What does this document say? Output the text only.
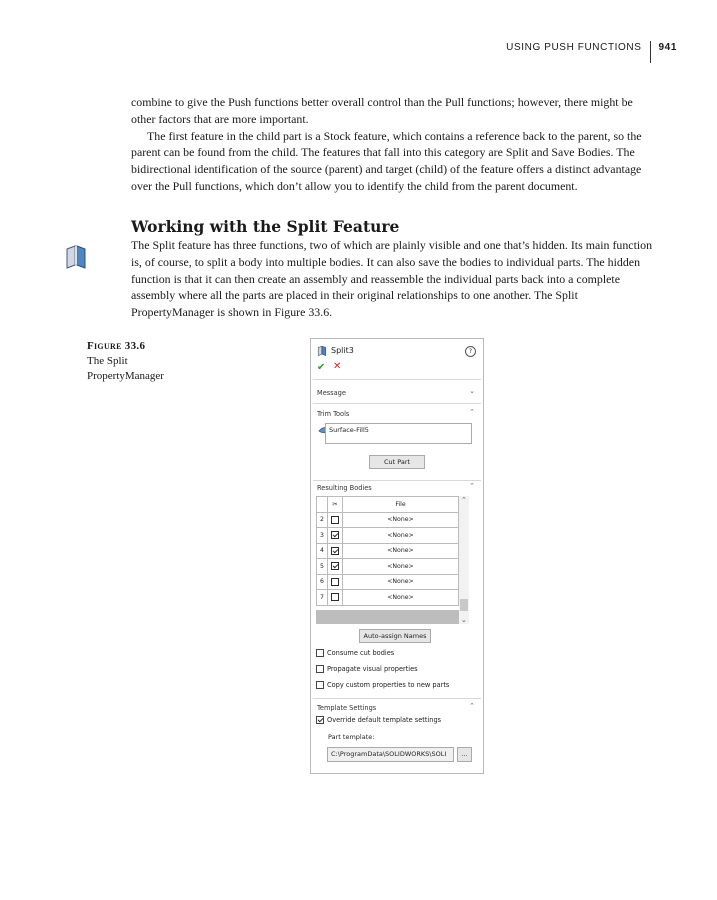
USING PUSH FUNCTIONS	941

combine to give the Push functions better overall control than the Pull functions; however, there might be other factors that are more important.

The first feature in the child part is a Stock feature, which contains a reference back to the parent, so the parent can be found from the child. The features that fall into this category are Split and Save Bodies. The bidirectional identification of the source (parent) and target (child) of the feature offers a distinct advantage over the Pull functions, which don’t allow you to identify the child from the parent document.

Working with the Split Feature

The Split feature has three functions, two of which are plainly visible and one that’s hidden. Its main function is, of course, to split a body into multiple bodies. It can also save the bodies to individual parts. The hidden function is that it can then create an assembly and reassemble the individual parts back into a complete assembly where all the parts are placed in their original relationships to one another. The Split PropertyManager is shown in Figure 33.6.

Figure 33.6
The Split
PropertyManager
Split3	?
✔ ✕
Message	⌄
Trim Tools	⌃
Surface-Fill5
Cut Part
Resulting Bodies	⌃
	✂	File
2		<None>
3		<None>
4		<None>
5		<None>
6		<None>
7		<None>
⌃
⌄
Auto-assign Names
Consume cut bodies
Propagate visual properties
Copy custom properties to new parts
Template Settings	⌃
Override default template settings
Part template:
C:\ProgramData\SOLIDWORKS\SOLI	...
